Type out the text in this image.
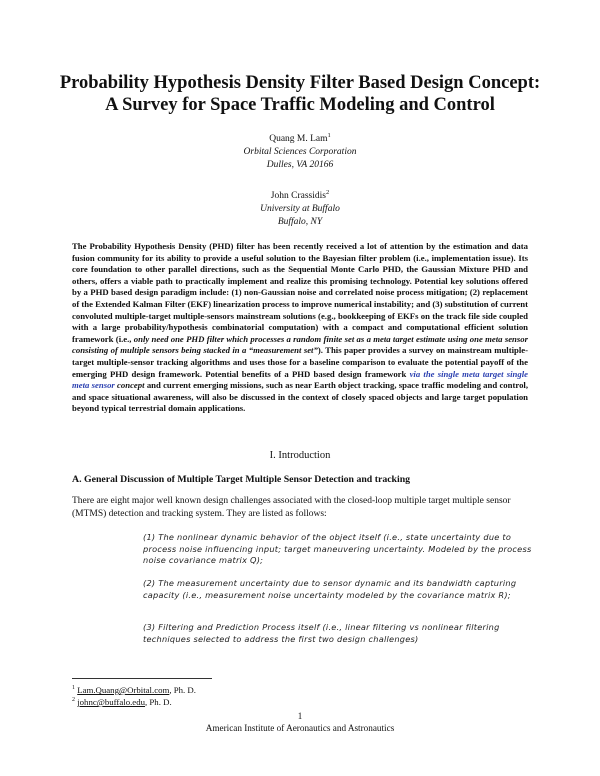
Probability Hypothesis Density Filter Based Design Concept:
A Survey for Space Traffic Modeling and Control
Quang M. Lam$^1$
Orbital Sciences Corporation
Dulles, VA 20166
John Crassidis$^2$
University at Buffalo
Buffalo, NY
The Probability Hypothesis Density (PHD) filter has been recently received a lot of attention by the estimation and data fusion community for its ability to provide a useful solution to the Bayesian filter problem (i.e., implementation issue). Its core foundation to other parallel directions, such as the Sequential Monte Carlo PHD, the Gaussian Mixture PHD and others, offers a viable path to practically implement and realize this promising technology. Potential key solutions offered by a PHD based design paradigm include: (1) non-Gaussian noise and correlated noise process mitigation; (2) replacement of the Extended Kalman Filter (EKF) linearization process to improve numerical instability; and (3) substitution of current convoluted multiple-target multiple-sensors mainstream solutions (e.g., bookkeeping of EKFs on the track file side coupled with a large probability/hypothesis combinatorial computation) with a compact and computational efficient solution framework (i.e., only need one PHD filter which processes a random finite set as a meta target estimate using one meta sensor consisting of multiple sensors being stacked in a “measurement set”). This paper provides a survey on mainstream multiple-target multiple-sensor tracking algorithms and uses those for a baseline comparison to evaluate the potential payoff of the emerging PHD design framework. Potential benefits of a PHD based design framework via the single meta target single meta sensor concept and current emerging missions, such as near Earth object tracking, space traffic modeling and control, and space situational awareness, will also be discussed in the context of closely spaced objects and large target population beyond typical terrestrial domain applications.
I. Introduction
A. General Discussion of Multiple Target Multiple Sensor Detection and tracking
There are eight major well known design challenges associated with the closed-loop multiple target multiple sensor (MTMS) detection and tracking system. They are listed as follows:
(1) The nonlinear dynamic behavior of the object itself (i.e., state uncertainty due to process noise influencing input; target maneuvering uncertainty. Modeled by the process noise covariance matrix Q);
(2) The measurement uncertainty due to sensor dynamic and its bandwidth capturing capacity (i.e., measurement noise uncertainty modeled by the covariance matrix R);
(3) Filtering and Prediction Process itself (i.e., linear filtering vs nonlinear filtering techniques selected to address the first two design challenges)
$^1$ Lam.Quang@Orbital.com, Ph. D.
$^2$ johnc@buffalo.edu, Ph. D.
1
American Institute of Aeronautics and Astronautics
